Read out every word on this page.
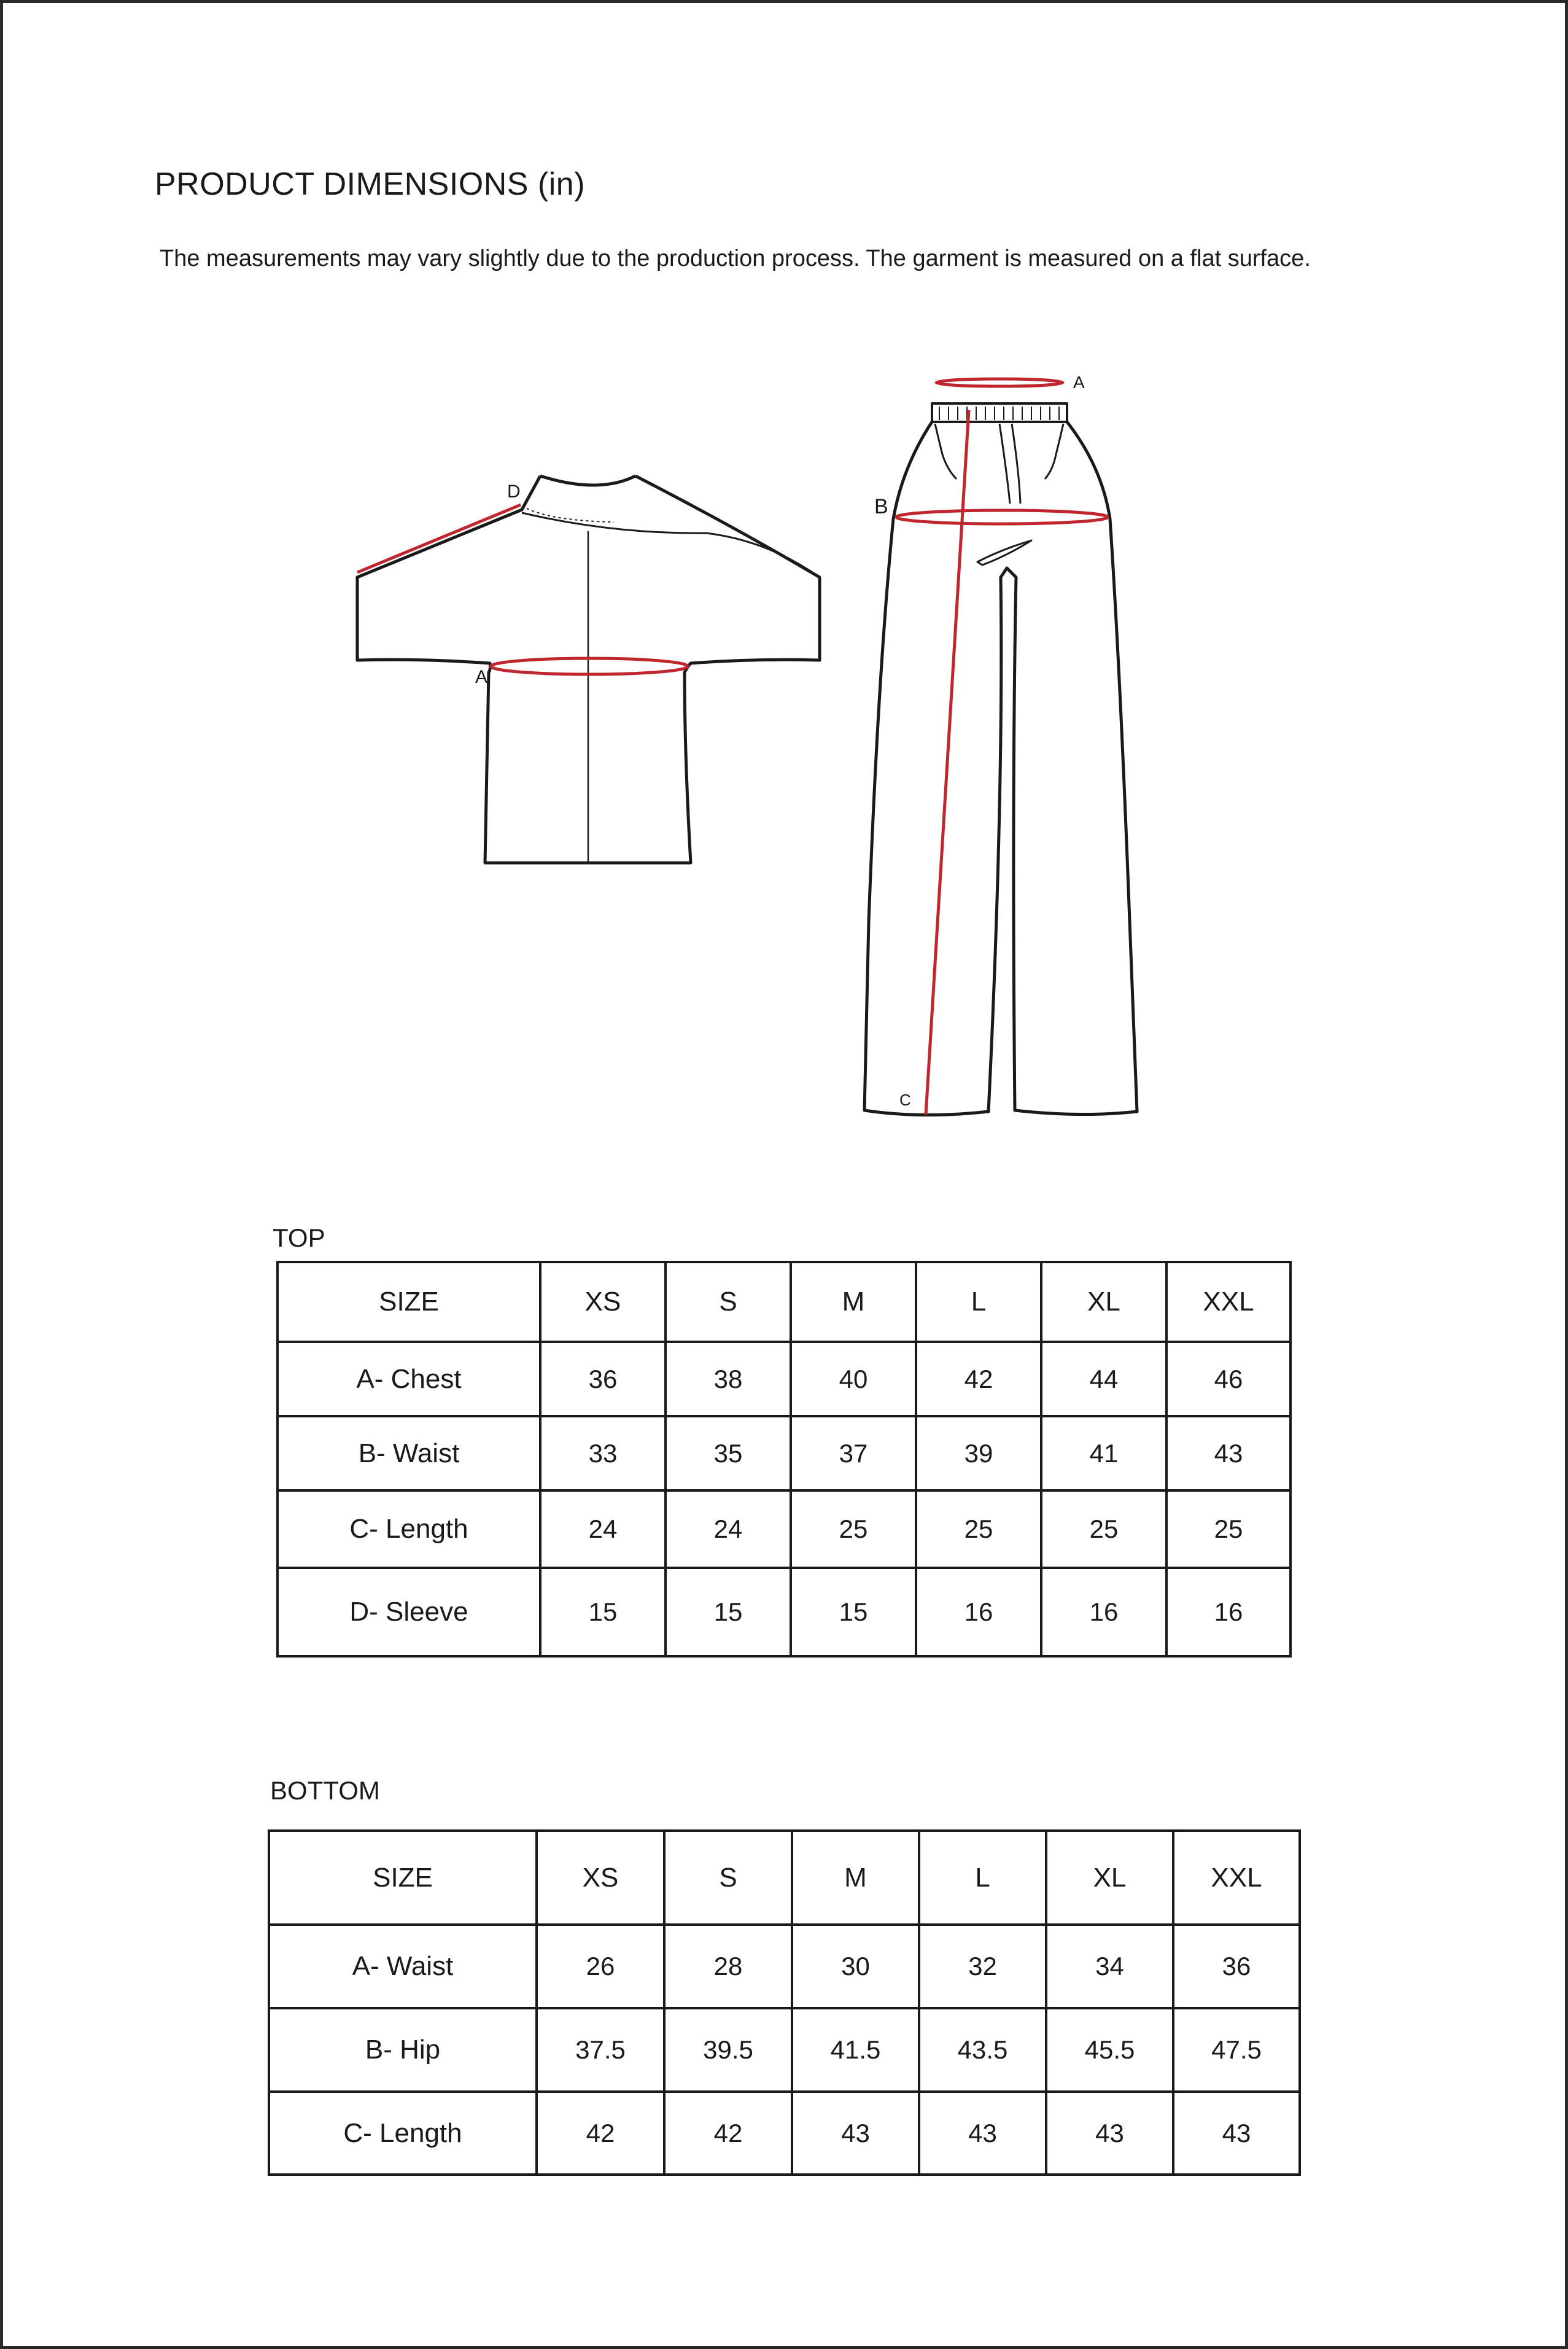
PRODUCT DIMENSIONS (in)
The measurements may vary slightly due to the production process. The garment is measured on a flat surface.
D
A
A
B
C
TOP
SIZE	XS	S	M	L	XL	XXL
A- Chest	36	38	40	42	44	46
B- Waist	33	35	37	39	41	43
C- Length	24	24	25	25	25	25
D- Sleeve	15	15	15	16	16	16
BOTTOM
SIZE	XS	S	M	L	XL	XXL
A- Waist	26	28	30	32	34	36
B- Hip	37.5	39.5	41.5	43.5	45.5	47.5
C- Length	42	42	43	43	43	43
